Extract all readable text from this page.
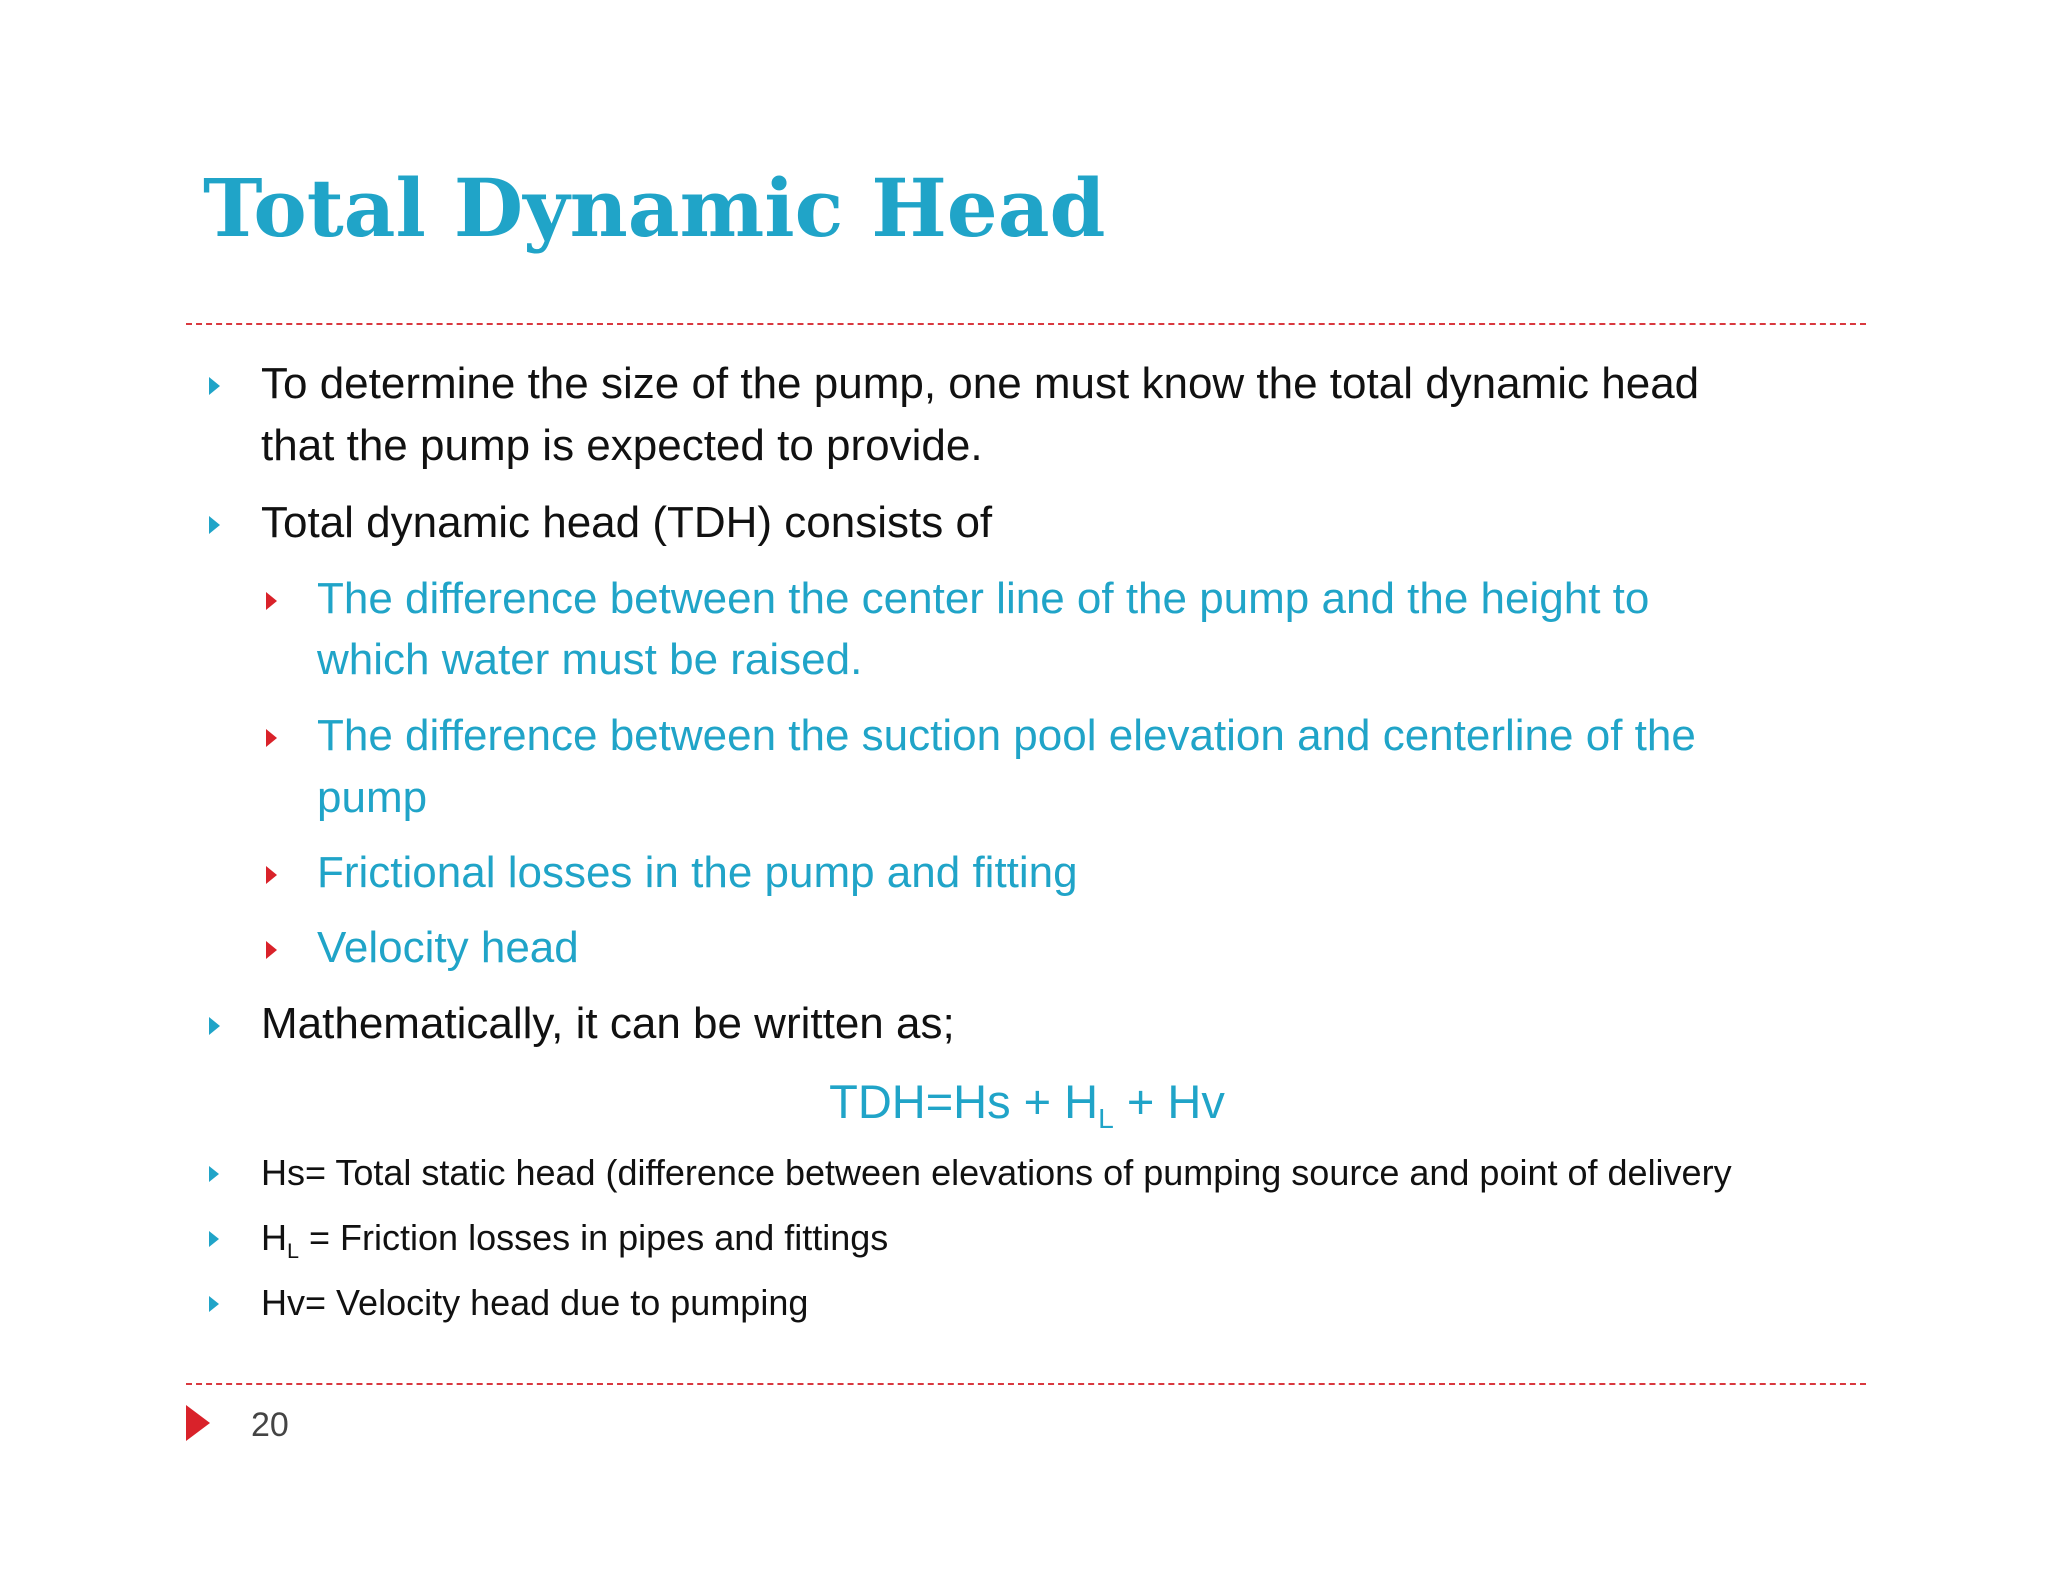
Total Dynamic Head
To determine the size of the pump, one must know the total dynamic head
that the pump is expected to provide.
Total dynamic head (TDH) consists of
The difference between the center line of the pump and the height to
which water must be raised.
The difference between the suction pool elevation and centerline of the
pump
Frictional losses in the pump and fitting
Velocity head
Mathematically, it can be written as;
$TDH=Hs + H_L + Hv$
Hs= Total static head (difference between elevations of pumping source and point of delivery
$H_L$ = Friction losses in pipes and fittings
Hv= Velocity head due to pumping
20
